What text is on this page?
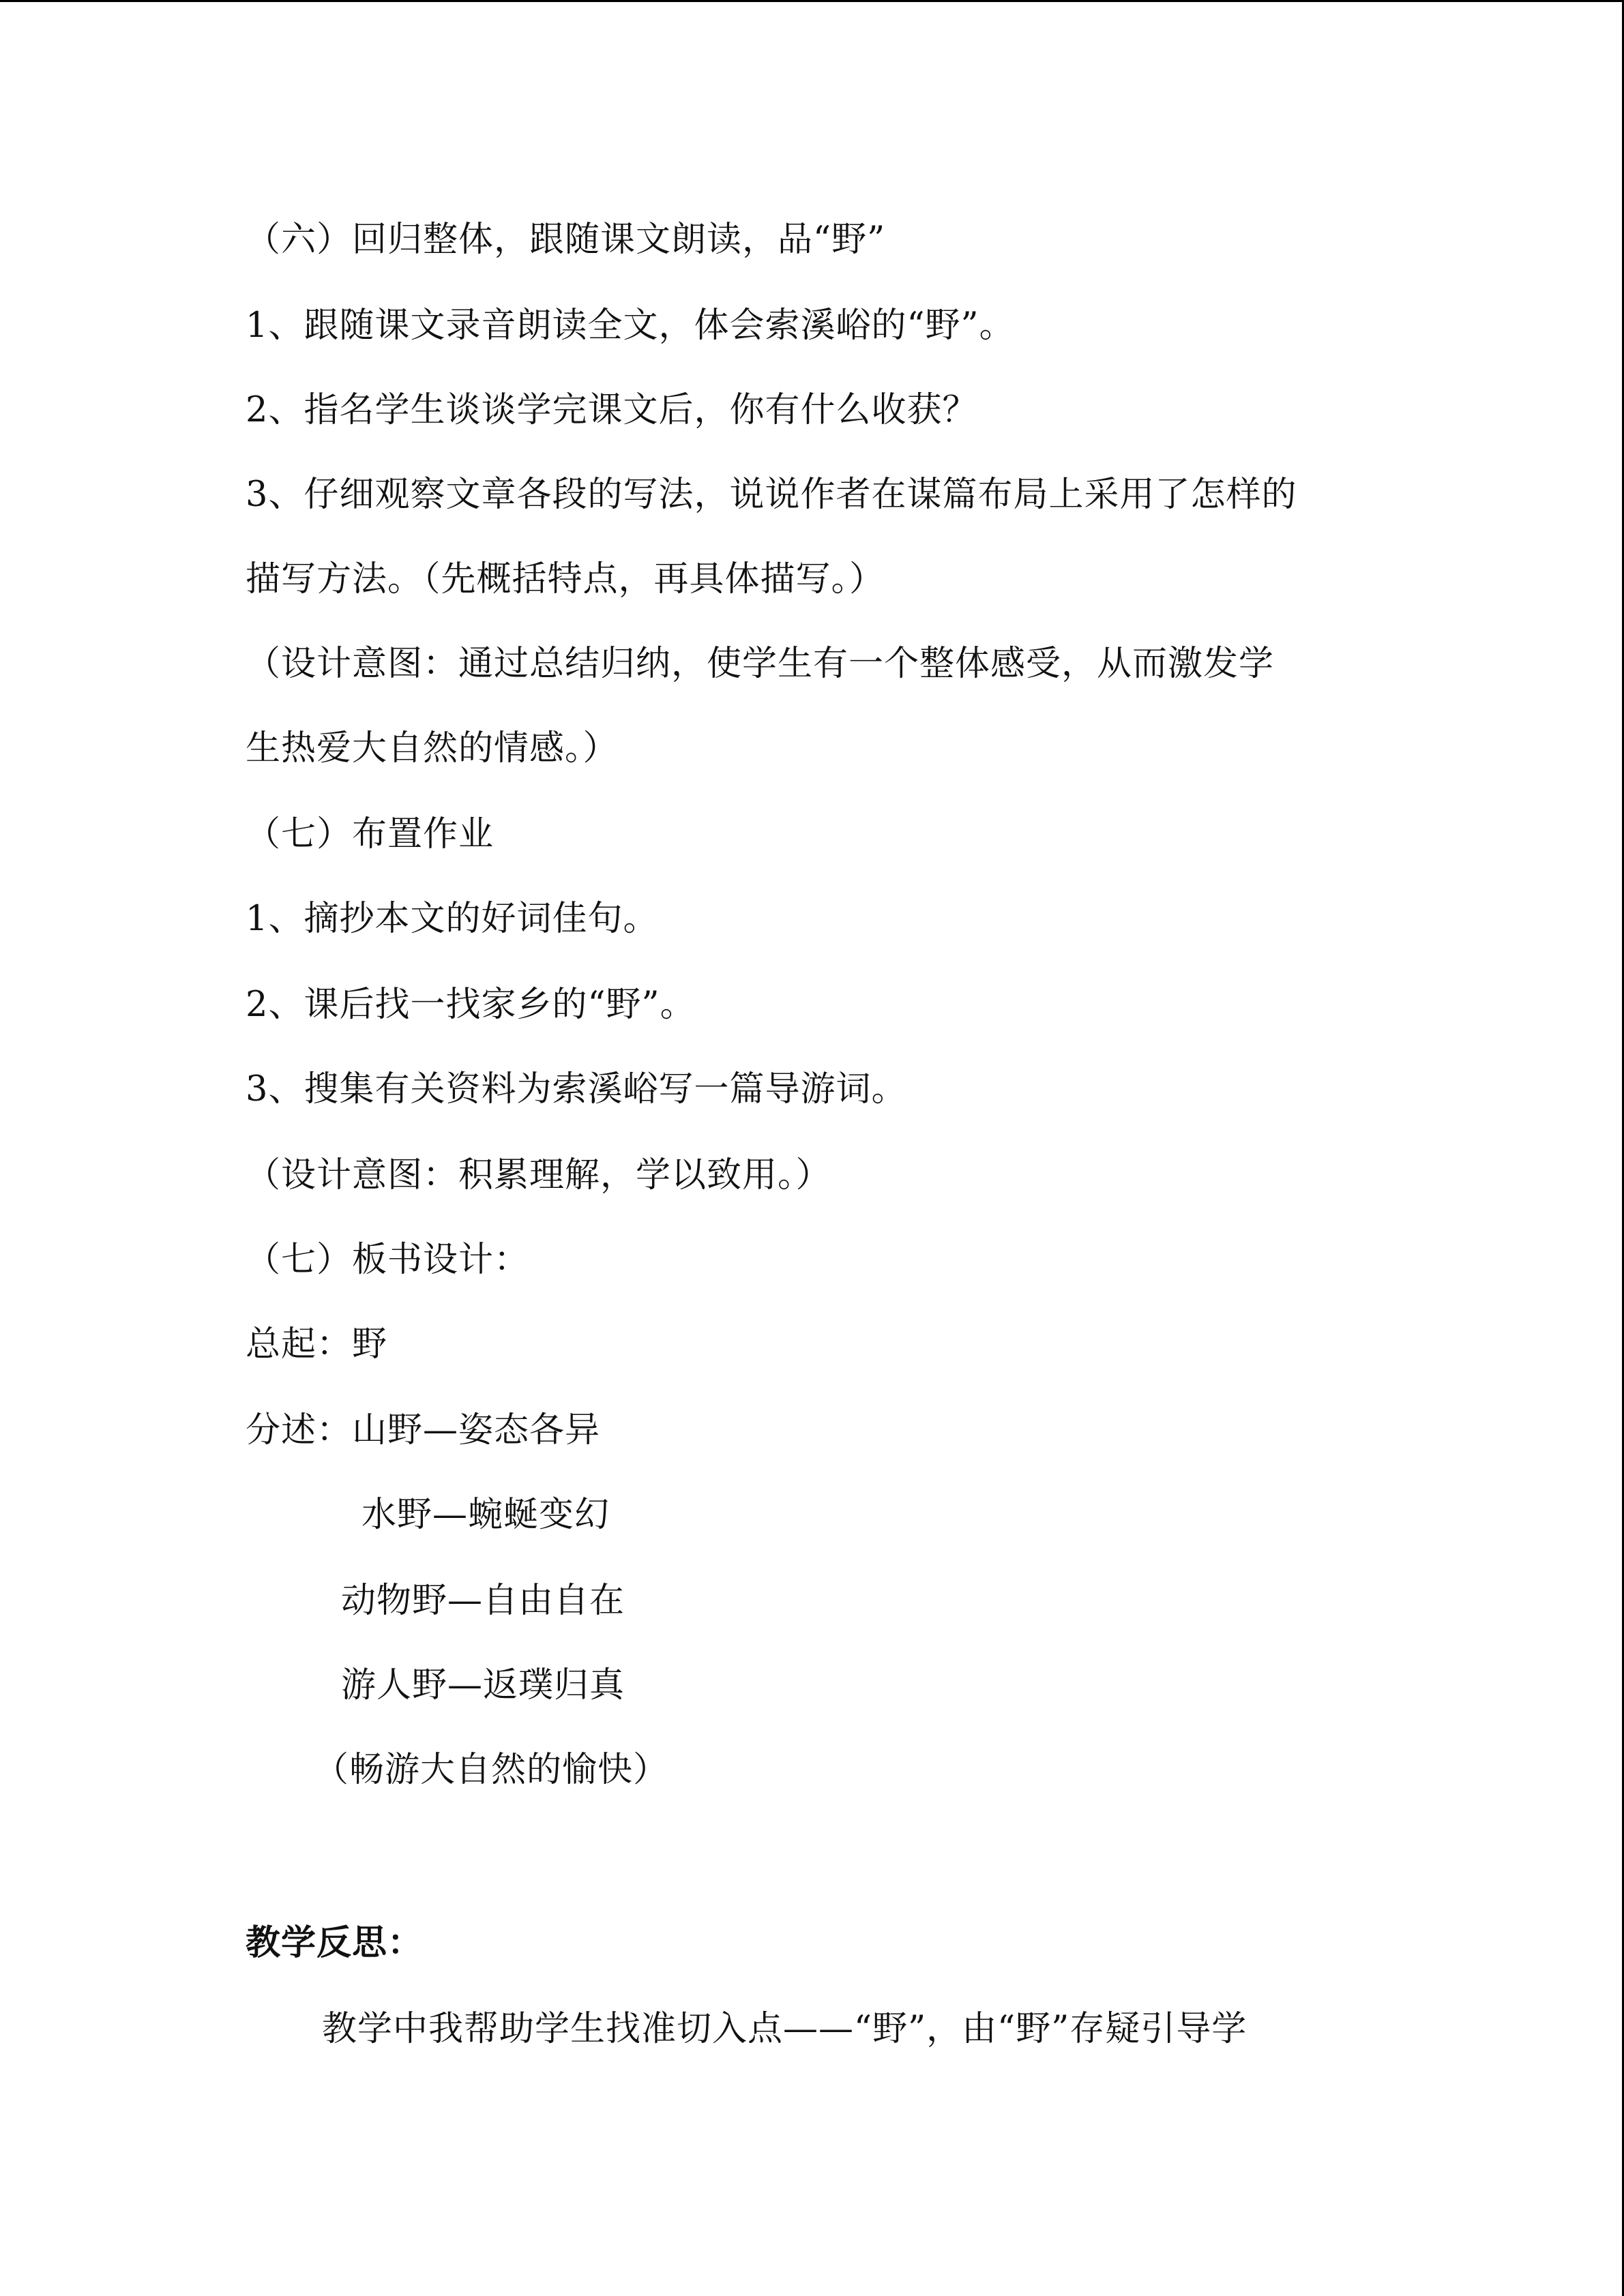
（六）回归整体，跟随课文朗读，品“野”
1、跟随课文录音朗读全文，体会索溪峪的“野”。
2、指名学生谈谈学完课文后，你有什么收获？
3、仔细观察文章各段的写法，说说作者在谋篇布局上采用了怎样的
描写方法。（先概括特点，再具体描写。）
（设计意图：通过总结归纳，使学生有一个整体感受，从而激发学
生热爱大自然的情感。）
（七）布置作业
1、摘抄本文的好词佳句。
2、课后找一找家乡的“野”。
3、搜集有关资料为索溪峪写一篇导游词。
（设计意图：积累理解，学以致用。）
（七）板书设计：
总起：野
分述：山野—姿态各异
水野—蜿蜒变幻
动物野—自由自在
游人野—返璞归真
（畅游大自然的愉快）
教学反思：
教学中我帮助学生找准切入点——“野”，由“野”存疑引导学
